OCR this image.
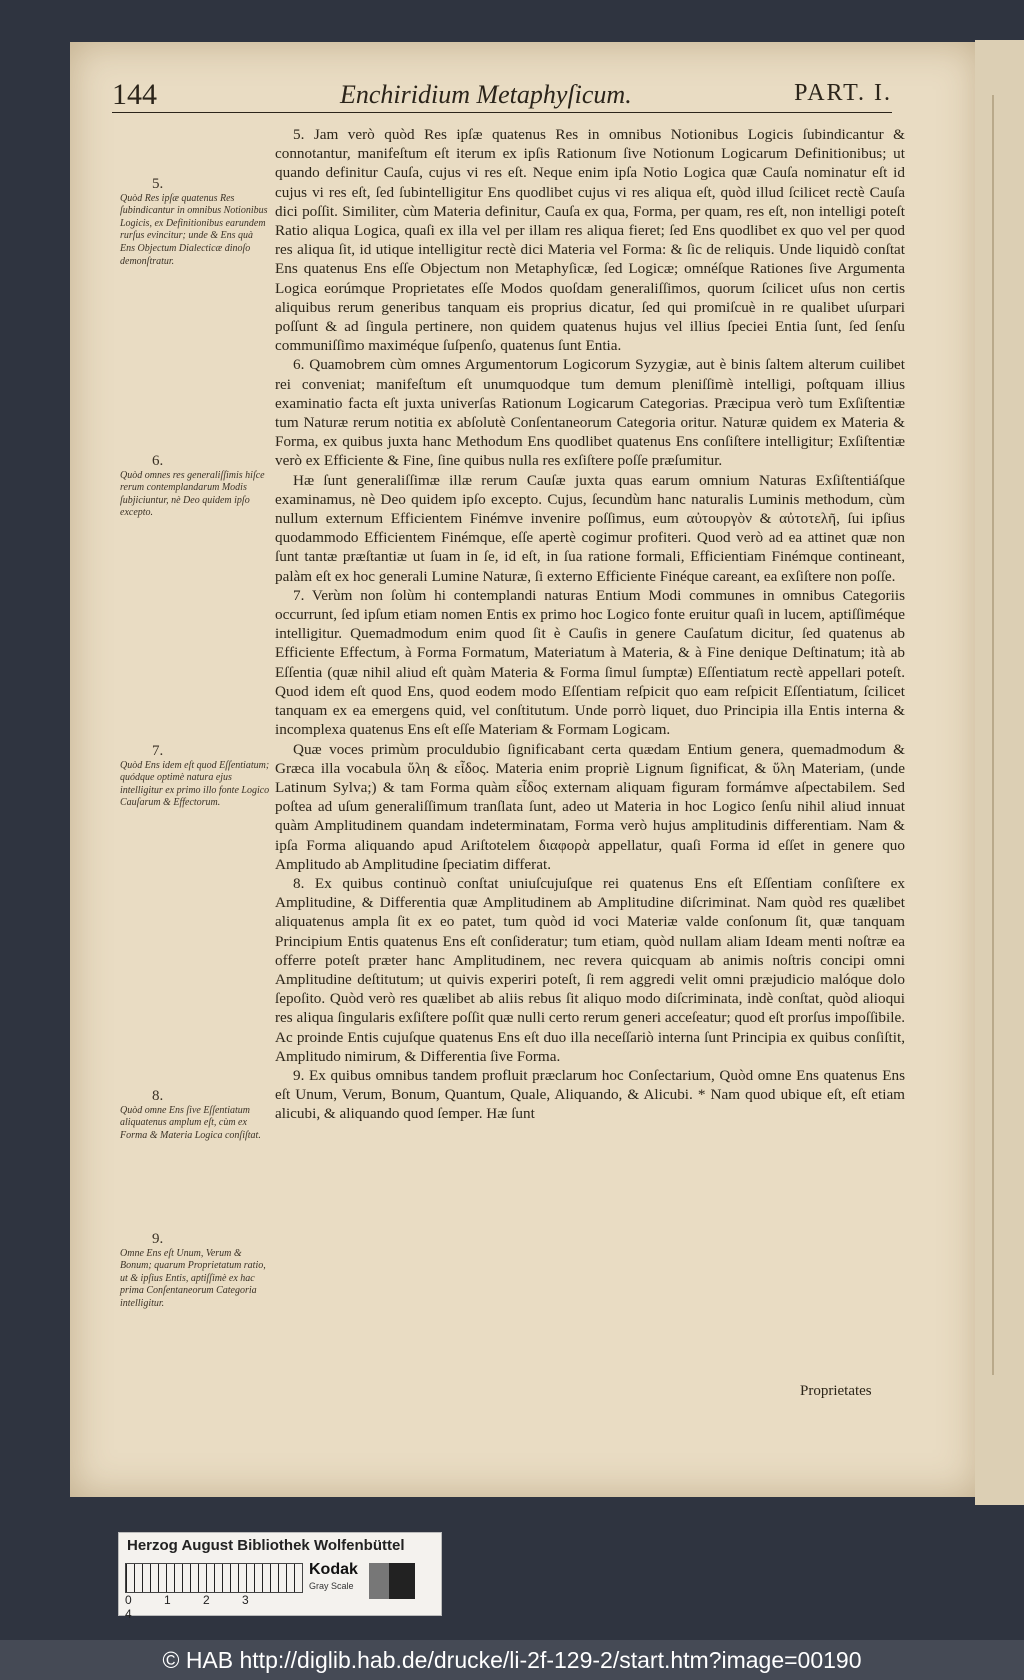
144	Enchiridium Metaphyſicum.	PART. I.
5.
Quòd Res ipſæ quatenus Res ſubindicantur in omnibus Notionibus Logicis, ex Definitionibus earundem rurſus evincitur; unde & Ens quà Ens Objectum Dialecticæ dinoſo demonſtratur.
6.
Quòd omnes res generaliſſimis hiſce rerum contemplandarum Modis ſubjiciuntur, nè Deo quidem ipſo excepto.
7.
Quòd Ens idem eſt quod Eſſentiatum; quódque optimè natura ejus intelligitur ex primo illo fonte Logico Cauſarum & Effectorum.
8.
Quòd omne Ens ſive Eſſentiatum aliquatenus amplum eſt, cùm ex Forma & Materia Logica conſiſtat.
9.
Omne Ens eſt Unum, Verum & Bonum; quarum Proprietatum ratio, ut & ipſius Entis, aptiſſimè ex hac prima Conſentaneorum Categoria intelligitur.

5. Jam verò quòd Res ipſæ quatenus Res in omnibus Notionibus Logicis ſubindicantur & connotantur, manifeſtum eſt iterum ex ipſis Rationum ſive Notionum Logicarum Definitionibus; ut quando definitur Cauſa, cujus vi res eſt. Neque enim ipſa Notio Logica quæ Cauſa nominatur eſt id cujus vi res eſt, ſed ſubintelligitur Ens quodlibet cujus vi res aliqua eſt, quòd illud ſcilicet rectè Cauſa dici poſſit. Similiter, cùm Materia definitur, Cauſa ex qua, Forma, per quam, res eſt, non intelligi poteſt Ratio aliqua Logica, quaſi ex illa vel per illam res aliqua fieret; ſed Ens quodlibet ex quo vel per quod res aliqua ſit, id utique intelligitur rectè dici Materia vel Forma: & ſic de reliquis. Unde liquidò conſtat Ens quatenus Ens eſſe Objectum non Metaphyſicæ, ſed Logicæ; omnéſque Rationes ſive Argumenta Logica eorúmque Proprietates eſſe Modos quoſdam generaliſſimos, quorum ſcilicet uſus non certis aliquibus rerum generibus tanquam eis proprius dicatur, ſed qui promiſcuè in re qualibet uſurpari poſſunt & ad ſingula pertinere, non quidem quatenus hujus vel illius ſpeciei Entia ſunt, ſed ſenſu communiſſimo maximéque ſuſpenſo, quatenus ſunt Entia.

6. Quamobrem cùm omnes Argumentorum Logicorum Syzygiæ, aut è binis ſaltem alterum cuilibet rei conveniat; manifeſtum eſt unumquodque tum demum pleniſſimè intelligi, poſtquam illius examinatio facta eſt juxta univerſas Rationum Logicarum Categorias. Præcipua verò tum Exſiſtentiæ tum Naturæ rerum notitia ex abſolutè Conſentaneorum Categoria oritur. Naturæ quidem ex Materia & Forma, ex quibus juxta hanc Methodum Ens quodlibet quatenus Ens conſiſtere intelligitur; Exſiſtentiæ verò ex Efficiente & Fine, ſine quibus nulla res exſiſtere poſſe præſumitur.

Hæ ſunt generaliſſimæ illæ rerum Cauſæ juxta quas earum omnium Naturas Exſiſtentiáſque examinamus, nè Deo quidem ipſo excepto. Cujus, ſecundùm hanc naturalis Luminis methodum, cùm nullum externum Efficientem Finémve invenire poſſimus, eum αὐτουργὸν & αὐτοτελῆ, ſui ipſius quodammodo Efficientem Finémque, eſſe apertè cogimur profiteri. Quod verò ad ea attinet quæ non ſunt tantæ præſtantiæ ut ſuam in ſe, id eſt, in ſua ratione formali, Efficientiam Finémque contineant, palàm eſt ex hoc generali Lumine Naturæ, ſi externo Efficiente Finéque careant, ea exſiſtere non poſſe.

7. Verùm non ſolùm hi contemplandi naturas Entium Modi communes in omnibus Categoriis occurrunt, ſed ipſum etiam nomen Entis ex primo hoc Logico fonte eruitur quaſi in lucem, aptiſſiméque intelligitur. Quemadmodum enim quod ſit è Cauſis in genere Cauſatum dicitur, ſed quatenus ab Efficiente Effectum, à Forma Formatum, Materiatum à Materia, & à Fine denique Deſtinatum; ità ab Eſſentia (quæ nihil aliud eſt quàm Materia & Forma ſimul ſumptæ) Eſſentiatum rectè appellari poteſt. Quod idem eſt quod Ens, quod eodem modo Eſſentiam reſpicit quo eam reſpicit Eſſentiatum, ſcilicet tanquam ex ea emergens quid, vel conſtitutum. Unde porrò liquet, duo Principia illa Entis interna & incomplexa quatenus Ens eſt eſſe Materiam & Formam Logicam.

Quæ voces primùm proculdubio ſignificabant certa quædam Entium genera, quemadmodum & Græca illa vocabula ὕλη & εἶδος. Materia enim propriè Lignum ſignificat, & ὕλη Materiam, (unde Latinum Sylva;) & tam Forma quàm εἶδος externam aliquam figuram formámve aſpectabilem. Sed poſtea ad uſum generaliſſimum tranſlata ſunt, adeo ut Materia in hoc Logico ſenſu nihil aliud innuat quàm Amplitudinem quandam indeterminatam, Forma verò hujus amplitudinis differentiam. Nam & ipſa Forma aliquando apud Ariſtotelem διαφορὰ appellatur, quaſi Forma id eſſet in genere quo Amplitudo ab Amplitudine ſpeciatim differat.

8. Ex quibus continuò conſtat uniuſcujuſque rei quatenus Ens eſt Eſſentiam conſiſtere ex Amplitudine, & Differentia quæ Amplitudinem ab Amplitudine diſcriminat. Nam quòd res quælibet aliquatenus ampla ſit ex eo patet, tum quòd id voci Materiæ valde conſonum ſit, quæ tanquam Principium Entis quatenus Ens eſt conſideratur; tum etiam, quòd nullam aliam Ideam menti noſtræ ea offerre poteſt præter hanc Amplitudinem, nec revera quicquam ab animis noſtris concipi omni Amplitudine deſtitutum; ut quivis experiri poteſt, ſi rem aggredi velit omni præjudicio malóque dolo ſepoſito. Quòd verò res quælibet ab aliis rebus ſit aliquo modo diſcriminata, indè conſtat, quòd alioqui res aliqua ſingularis exſiſtere poſſit quæ nulli certo rerum generi acceſeatur; quod eſt prorſus impoſſibile. Ac proinde Entis cujuſque quatenus Ens eſt duo illa neceſſariò interna ſunt Principia ex quibus conſiſtit, Amplitudo nimirum, & Differentia ſive Forma.

9. Ex quibus omnibus tandem profluit præclarum hoc Conſectarium, Quòd omne Ens quatenus Ens eſt Unum, Verum, Bonum, Quantum, Quale, Aliquando, & Alicubi. * Nam quod ubique eſt, eſt etiam alicubi, & aliquando quod ſemper. Hæ ſunt

Proprietates
Herzog August Bibliothek Wolfenbüttel
0	1	2	34
Kodak
Gray Scale
© HAB http://diglib.hab.de/drucke/li-2f-129-2/start.htm?image=00190
